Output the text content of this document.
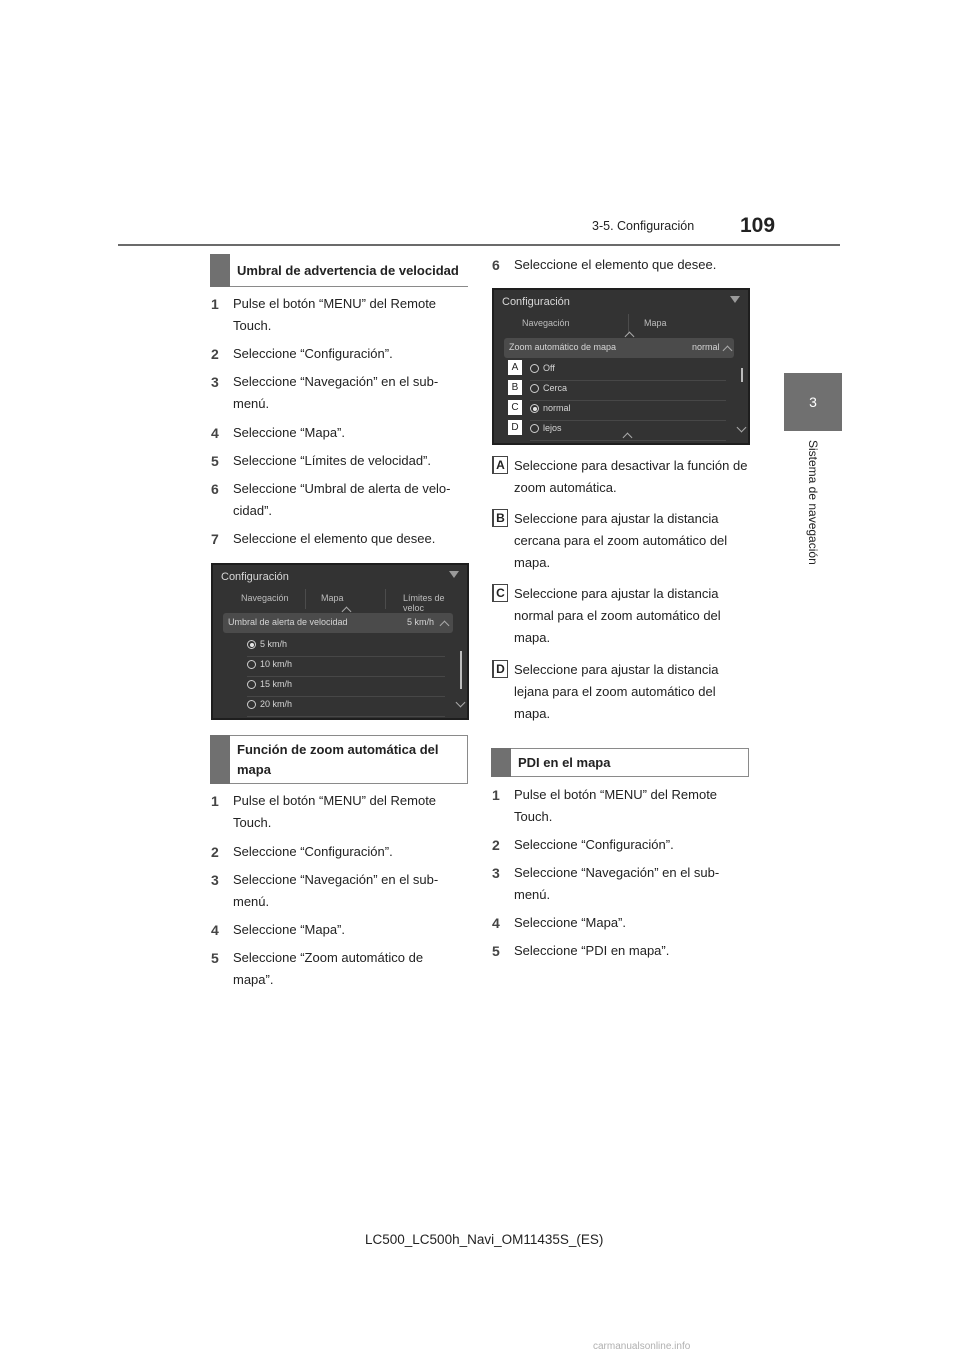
3-5. Configuración 109
3
Sistema de navegación
Umbral de advertencia de velocidad
1 Pulse el botón “MENU” del Remote Touch.
2 Seleccione “Configuración”.
3 Seleccione “Navegación” en el sub-menú.
4 Seleccione “Mapa”.
5 Seleccione “Límites de velocidad”.
6 Seleccione “Umbral de alerta de velo-cidad”.
7 Seleccione el elemento que desee.
Configuración
Navegación	Mapa	Límites de veloc
Umbral de alerta de velocidad	5 km/h
5 km/h
10 km/h
15 km/h
20 km/h
Función de zoom automática del mapa
1 Pulse el botón “MENU” del Remote Touch.
2 Seleccione “Configuración”.
3 Seleccione “Navegación” en el sub-menú.
4 Seleccione “Mapa”.
5 Seleccione “Zoom automático de mapa”.
6 Seleccione el elemento que desee.
Configuración
Navegación	Mapa
Zoom automático de mapa	normal
A	Off
B	Cerca
C	normal
D	lejos
A Seleccione para desactivar la función de zoom automática.
B Seleccione para ajustar la distancia cercana para el zoom automático del mapa.
C Seleccione para ajustar la distancia normal para el zoom automático del mapa.
D Seleccione para ajustar la distancia lejana para el zoom automático del mapa.
PDI en el mapa
1 Pulse el botón “MENU” del Remote Touch.
2 Seleccione “Configuración”.
3 Seleccione “Navegación” en el sub-menú.
4 Seleccione “Mapa”.
5 Seleccione “PDI en mapa”.
LC500_LC500h_Navi_OM11435S_(ES)
carmanualsonline.info
